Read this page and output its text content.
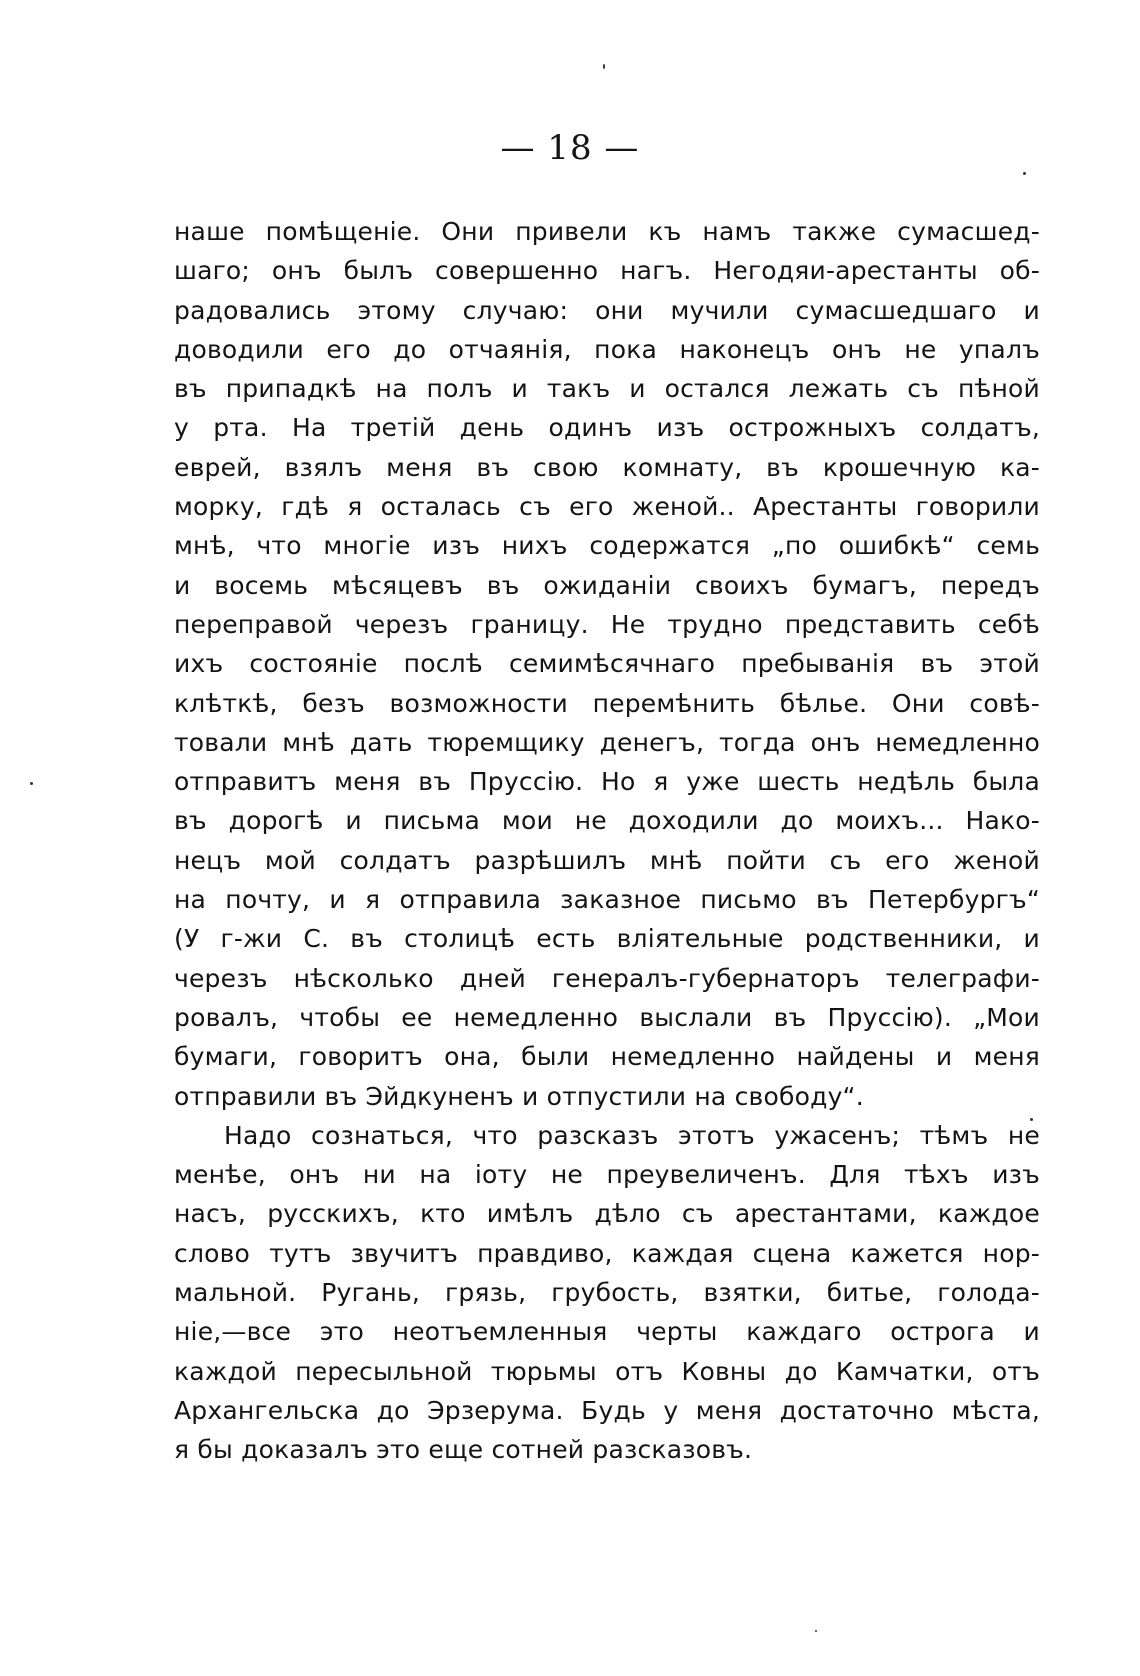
— 18 —
наше помѣщеніе. Они привели къ намъ также сумасшед-
шаго; онъ былъ совершенно нагъ. Негодяи-арестанты об-
радовались этому случаю: они мучили сумасшедшаго и
доводили его до отчаянія, пока наконецъ онъ не упалъ
въ припадкѣ на полъ и такъ и остался лежать съ пѣной
у рта. На третій день одинъ изъ острожныхъ солдатъ,
еврей, взялъ меня въ свою комнату, въ крошечную ка-
морку, гдѣ я осталась съ его женой.. Арестанты говорили
мнѣ, что многіе изъ нихъ содержатся „по ошибкѣ“ семь
и восемь мѣсяцевъ въ ожиданіи своихъ бумагъ, передъ
переправой черезъ границу. Не трудно представить себѣ
ихъ состояніе послѣ семимѣсячнаго пребыванія въ этой
клѣткѣ, безъ возможности перемѣнить бѣлье. Они совѣ-
товали мнѣ дать тюремщику денегъ, тогда онъ немедленно
отправитъ меня въ Пруссію. Но я уже шесть недѣль была
въ дорогѣ и письма мои не доходили до моихъ... Нако-
нецъ мой солдатъ разрѣшилъ мнѣ пойти съ его женой
на почту, и я отправила заказное письмо въ Петербургъ“
(У г-жи С. въ столицѣ есть вліятельные родственники, и
черезъ нѣсколько дней генералъ-губернаторъ телеграфи-
ровалъ, чтобы ее немедленно выслали въ Пруссію). „Мои
бумаги, говоритъ она, были немедленно найдены и меня
отправили въ Эйдкуненъ и отпустили на свободу“.
Надо сознаться, что разсказъ этотъ ужасенъ; тѣмъ не
менѣе, онъ ни на іоту не преувеличенъ. Для тѣхъ изъ
насъ, русскихъ, кто имѣлъ дѣло съ арестантами, каждое
слово тутъ звучитъ правдиво, каждая сцена кажется нор-
мальной. Ругань, грязь, грубость, взятки, битье, голода-
ніе,—все это неотъемленныя черты каждаго острога и
каждой пересыльной тюрьмы отъ Ковны до Камчатки, отъ
Архангельска до Эрзерума. Будь у меня достаточно мѣста,
я бы доказалъ это еще сотней разсказовъ.
